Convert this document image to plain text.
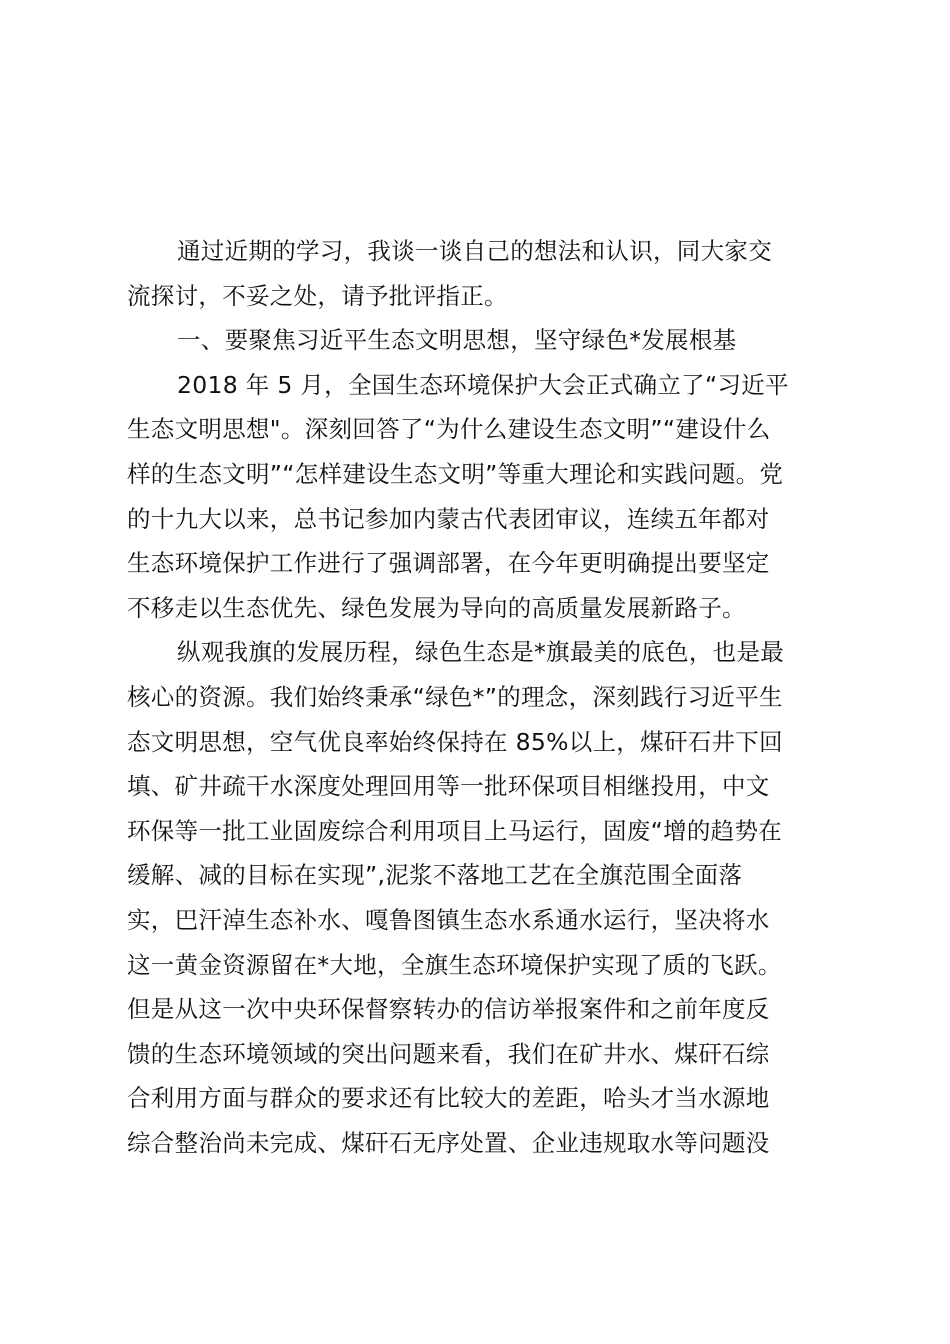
通过近期的学习，我谈一谈自己的想法和认识，同大家交
流探讨，不妥之处，请予批评指正。
一、要聚焦习近平生态文明思想，坚守绿色*发展根基
2018 年 5 月，全国生态环境保护大会正式确立了“习近平
生态文明思想"。深刻回答了“为什么建设生态文明”“建设什么
样的生态文明”“怎样建设生态文明”等重大理论和实践问题。党
的十九大以来，总书记参加内蒙古代表团审议，连续五年都对
生态环境保护工作进行了强调部署，在今年更明确提出要坚定
不移走以生态优先、绿色发展为导向的高质量发展新路子。
纵观我旗的发展历程，绿色生态是*旗最美的底色，也是最
核心的资源。我们始终秉承“绿色*”的理念，深刻践行习近平生
态文明思想，空气优良率始终保持在 85%以上，煤矸石井下回
填、矿井疏干水深度处理回用等一批环保项目相继投用，中文
环保等一批工业固废综合利用项目上马运行，固废“增的趋势在
缓解、减的目标在实现”,泥浆不落地工艺在全旗范围全面落
实，巴汗淖生态补水、嘎鲁图镇生态水系通水运行，坚决将水
这一黄金资源留在*大地，全旗生态环境保护实现了质的飞跃。
但是从这一次中央环保督察转办的信访举报案件和之前年度反
馈的生态环境领域的突出问题来看，我们在矿井水、煤矸石综
合利用方面与群众的要求还有比较大的差距，哈头才当水源地
综合整治尚未完成、煤矸石无序处置、企业违规取水等问题没
